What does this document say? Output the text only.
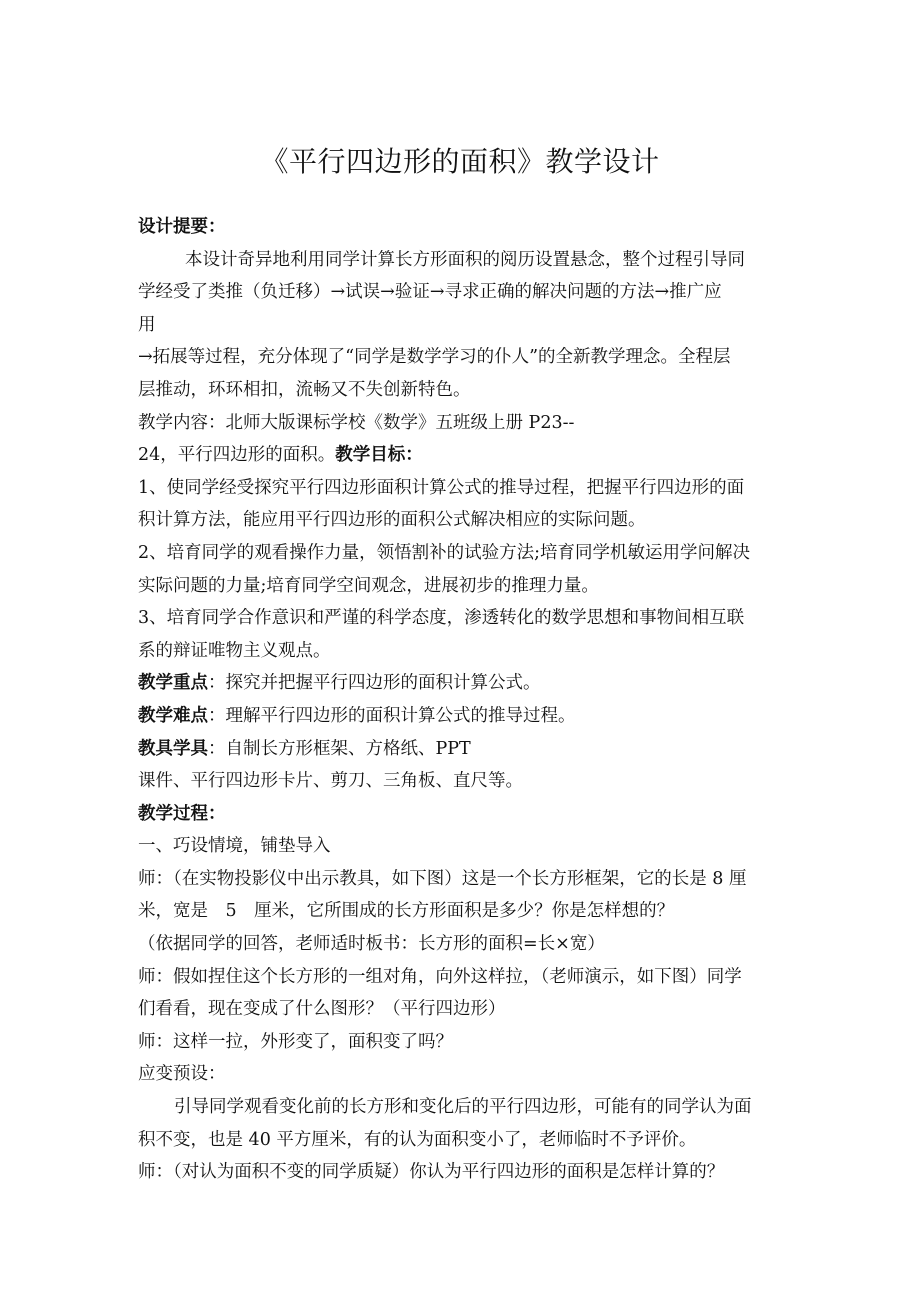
《平行四边形的面积》教学设计
设计提要：
本设计奇异地利用同学计算长方形面积的阅历设置悬念，整个过程引导同
学经受了类推（负迁移）→试误→验证→寻求正确的解决问题的方法→推广应
用
→拓展等过程，充分体现了“同学是数学学习的仆人”的全新教学理念。全程层
层推动，环环相扣，流畅又不失创新特色。
教学内容：北师大版课标学校《数学》五班级上册 P23--
24，平行四边形的面积。教学目标：
1、使同学经受探究平行四边形面积计算公式的推导过程，把握平行四边形的面
积计算方法，能应用平行四边形的面积公式解决相应的实际问题。
2、培育同学的观看操作力量，领悟割补的试验方法;培育同学机敏运用学问解决
实际问题的力量;培育同学空间观念，进展初步的推理力量。
3、培育同学合作意识和严谨的科学态度，渗透转化的数学思想和事物间相互联
系的辩证唯物主义观点。
教学重点：探究并把握平行四边形的面积计算公式。
教学难点：理解平行四边形的面积计算公式的推导过程。
教具学具：自制长方形框架、方格纸、PPT
课件、平行四边形卡片、剪刀、三角板、直尺等。
教学过程：
一、巧设情境，铺垫导入
师：（在实物投影仪中出示教具，如下图）这是一个长方形框架，它的长是 8 厘
米，宽是　5　厘米，它所围成的长方形面积是多少？你是怎样想的？
（依据同学的回答，老师适时板书：长方形的面积=长×宽）
师：假如捏住这个长方形的一组对角，向外这样拉，（老师演示，如下图）同学
们看看，现在变成了什么图形？（平行四边形）
师：这样一拉，外形变了，面积变了吗？
应变预设：
引导同学观看变化前的长方形和变化后的平行四边形，可能有的同学认为面
积不变，也是 40 平方厘米，有的认为面积变小了，老师临时不予评价。
师：（对认为面积不变的同学质疑）你认为平行四边形的面积是怎样计算的？
